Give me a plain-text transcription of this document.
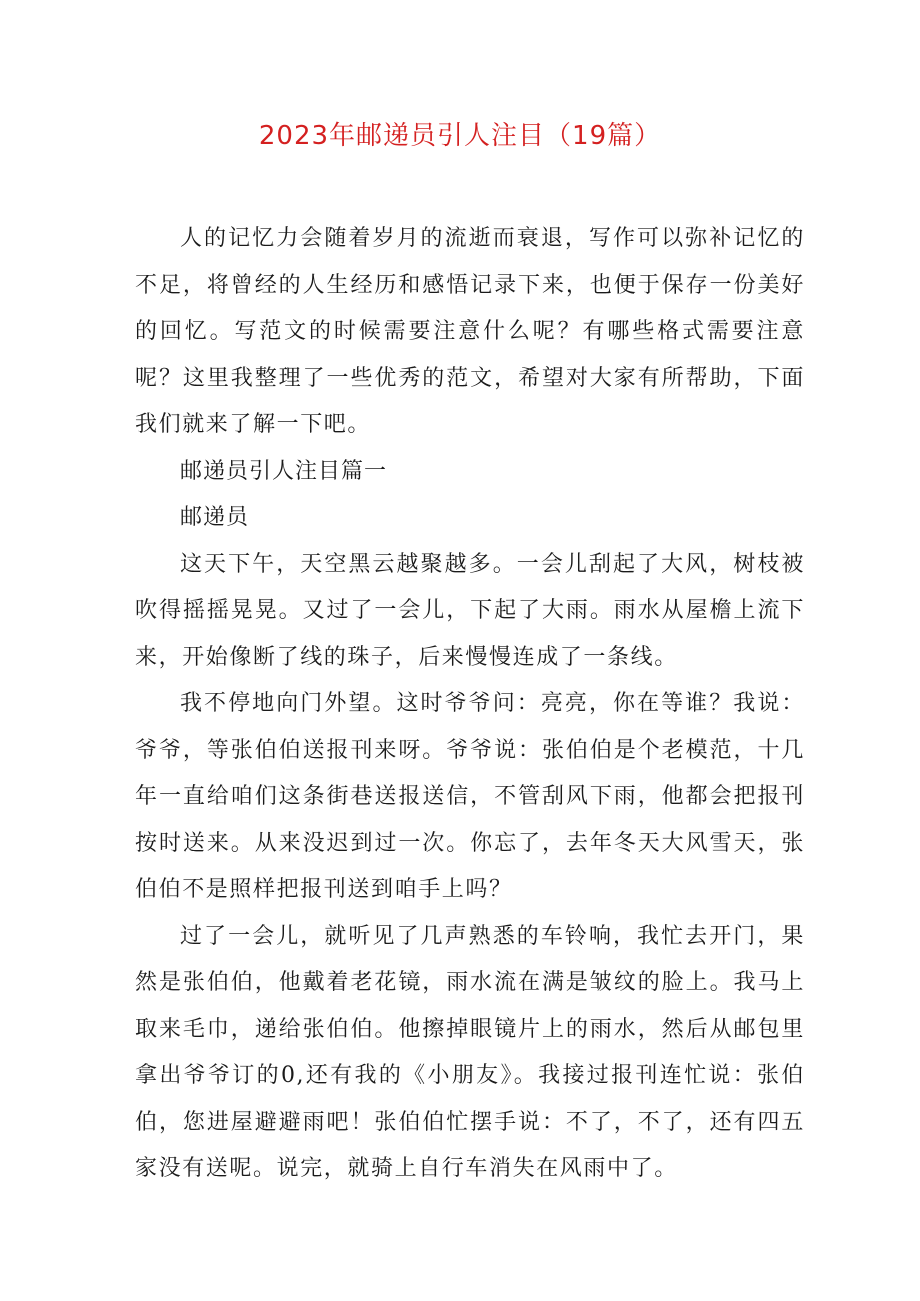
2023年邮递员引人注目（19篇）

人的记忆力会随着岁月的流逝而衰退，写作可以弥补记忆的不足，将曾经的人生经历和感悟记录下来，也便于保存一份美好的回忆。写范文的时候需要注意什么呢？有哪些格式需要注意呢？这里我整理了一些优秀的范文，希望对大家有所帮助，下面我们就来了解一下吧。

邮递员引人注目篇一

邮递员

这天下午，天空黑云越聚越多。一会儿刮起了大风，树枝被吹得摇摇晃晃。又过了一会儿，下起了大雨。雨水从屋檐上流下来，开始像断了线的珠子，后来慢慢连成了一条线。

我不停地向门外望。这时爷爷问：亮亮，你在等谁？我说：爷爷，等张伯伯送报刊来呀。爷爷说：张伯伯是个老模范，十几年一直给咱们这条街巷送报送信，不管刮风下雨，他都会把报刊按时送来。从来没迟到过一次。你忘了，去年冬天大风雪天，张伯伯不是照样把报刊送到咱手上吗？

过了一会儿，就听见了几声熟悉的车铃响，我忙去开门，果然是张伯伯，他戴着老花镜，雨水流在满是皱纹的脸上。我马上取来毛巾，递给张伯伯。他擦掉眼镜片上的雨水，然后从邮包里拿出爷爷订的0,还有我的《小朋友》。我接过报刊连忙说：张伯伯，您进屋避避雨吧！张伯伯忙摆手说：不了，不了，还有四五家没有送呢。说完，就骑上自行车消失在风雨中了。
